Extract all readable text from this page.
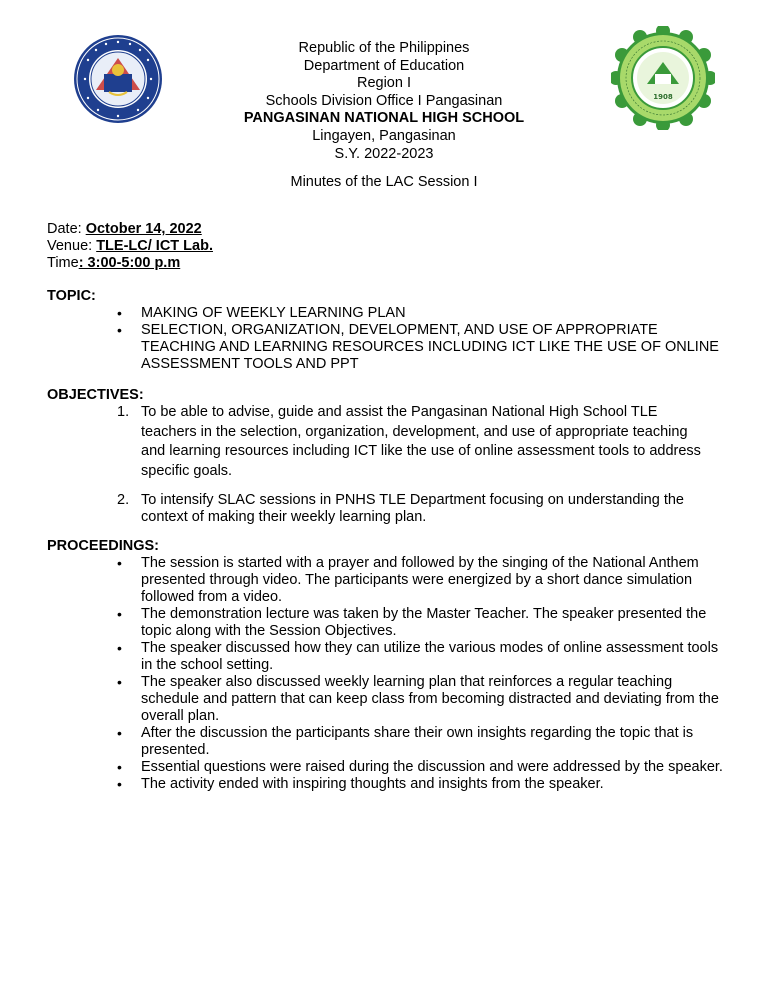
1908
Republic of the Philippines
Department of Education
Region I
Schools Division Office I Pangasinan
PANGASINAN NATIONAL HIGH SCHOOL
Lingayen, Pangasinan
S.Y. 2022-2023
Minutes of the LAC Session I
Date: October 14, 2022
Venue: TLE-LC/ ICT Lab.
Time: 3:00-5:00 p.m
TOPIC:
• MAKING OF WEEKLY LEARNING PLAN
• SELECTION, ORGANIZATION, DEVELOPMENT, AND USE OF APPROPRIATE TEACHING AND LEARNING RESOURCES INCLUDING ICT LIKE THE USE OF ONLINE ASSESSMENT TOOLS AND PPT
OBJECTIVES:
1. To be able to advise, guide and assist the Pangasinan National High School TLE teachers in the selection, organization, development, and use of appropriate teaching and learning resources including ICT like the use of online assessment tools to address specific goals.
2. To intensify SLAC sessions in PNHS TLE Department focusing on understanding the context of making their weekly learning plan.
PROCEEDINGS:
• The session is started with a prayer and followed by the singing of the National Anthem presented through video. The participants were energized by a short dance simulation followed from a video.
• The demonstration lecture was taken by the Master Teacher. The speaker presented the topic along with the Session Objectives.
• The speaker discussed how they can utilize the various modes of online assessment tools in the school setting.
• The speaker also discussed weekly learning plan that reinforces a regular teaching schedule and pattern that can keep class from becoming distracted and deviating from the overall plan.
• After the discussion the participants share their own insights regarding the topic that is presented.
• Essential questions were raised during the discussion and were addressed by the speaker.
• The activity ended with inspiring thoughts and insights from the speaker.
